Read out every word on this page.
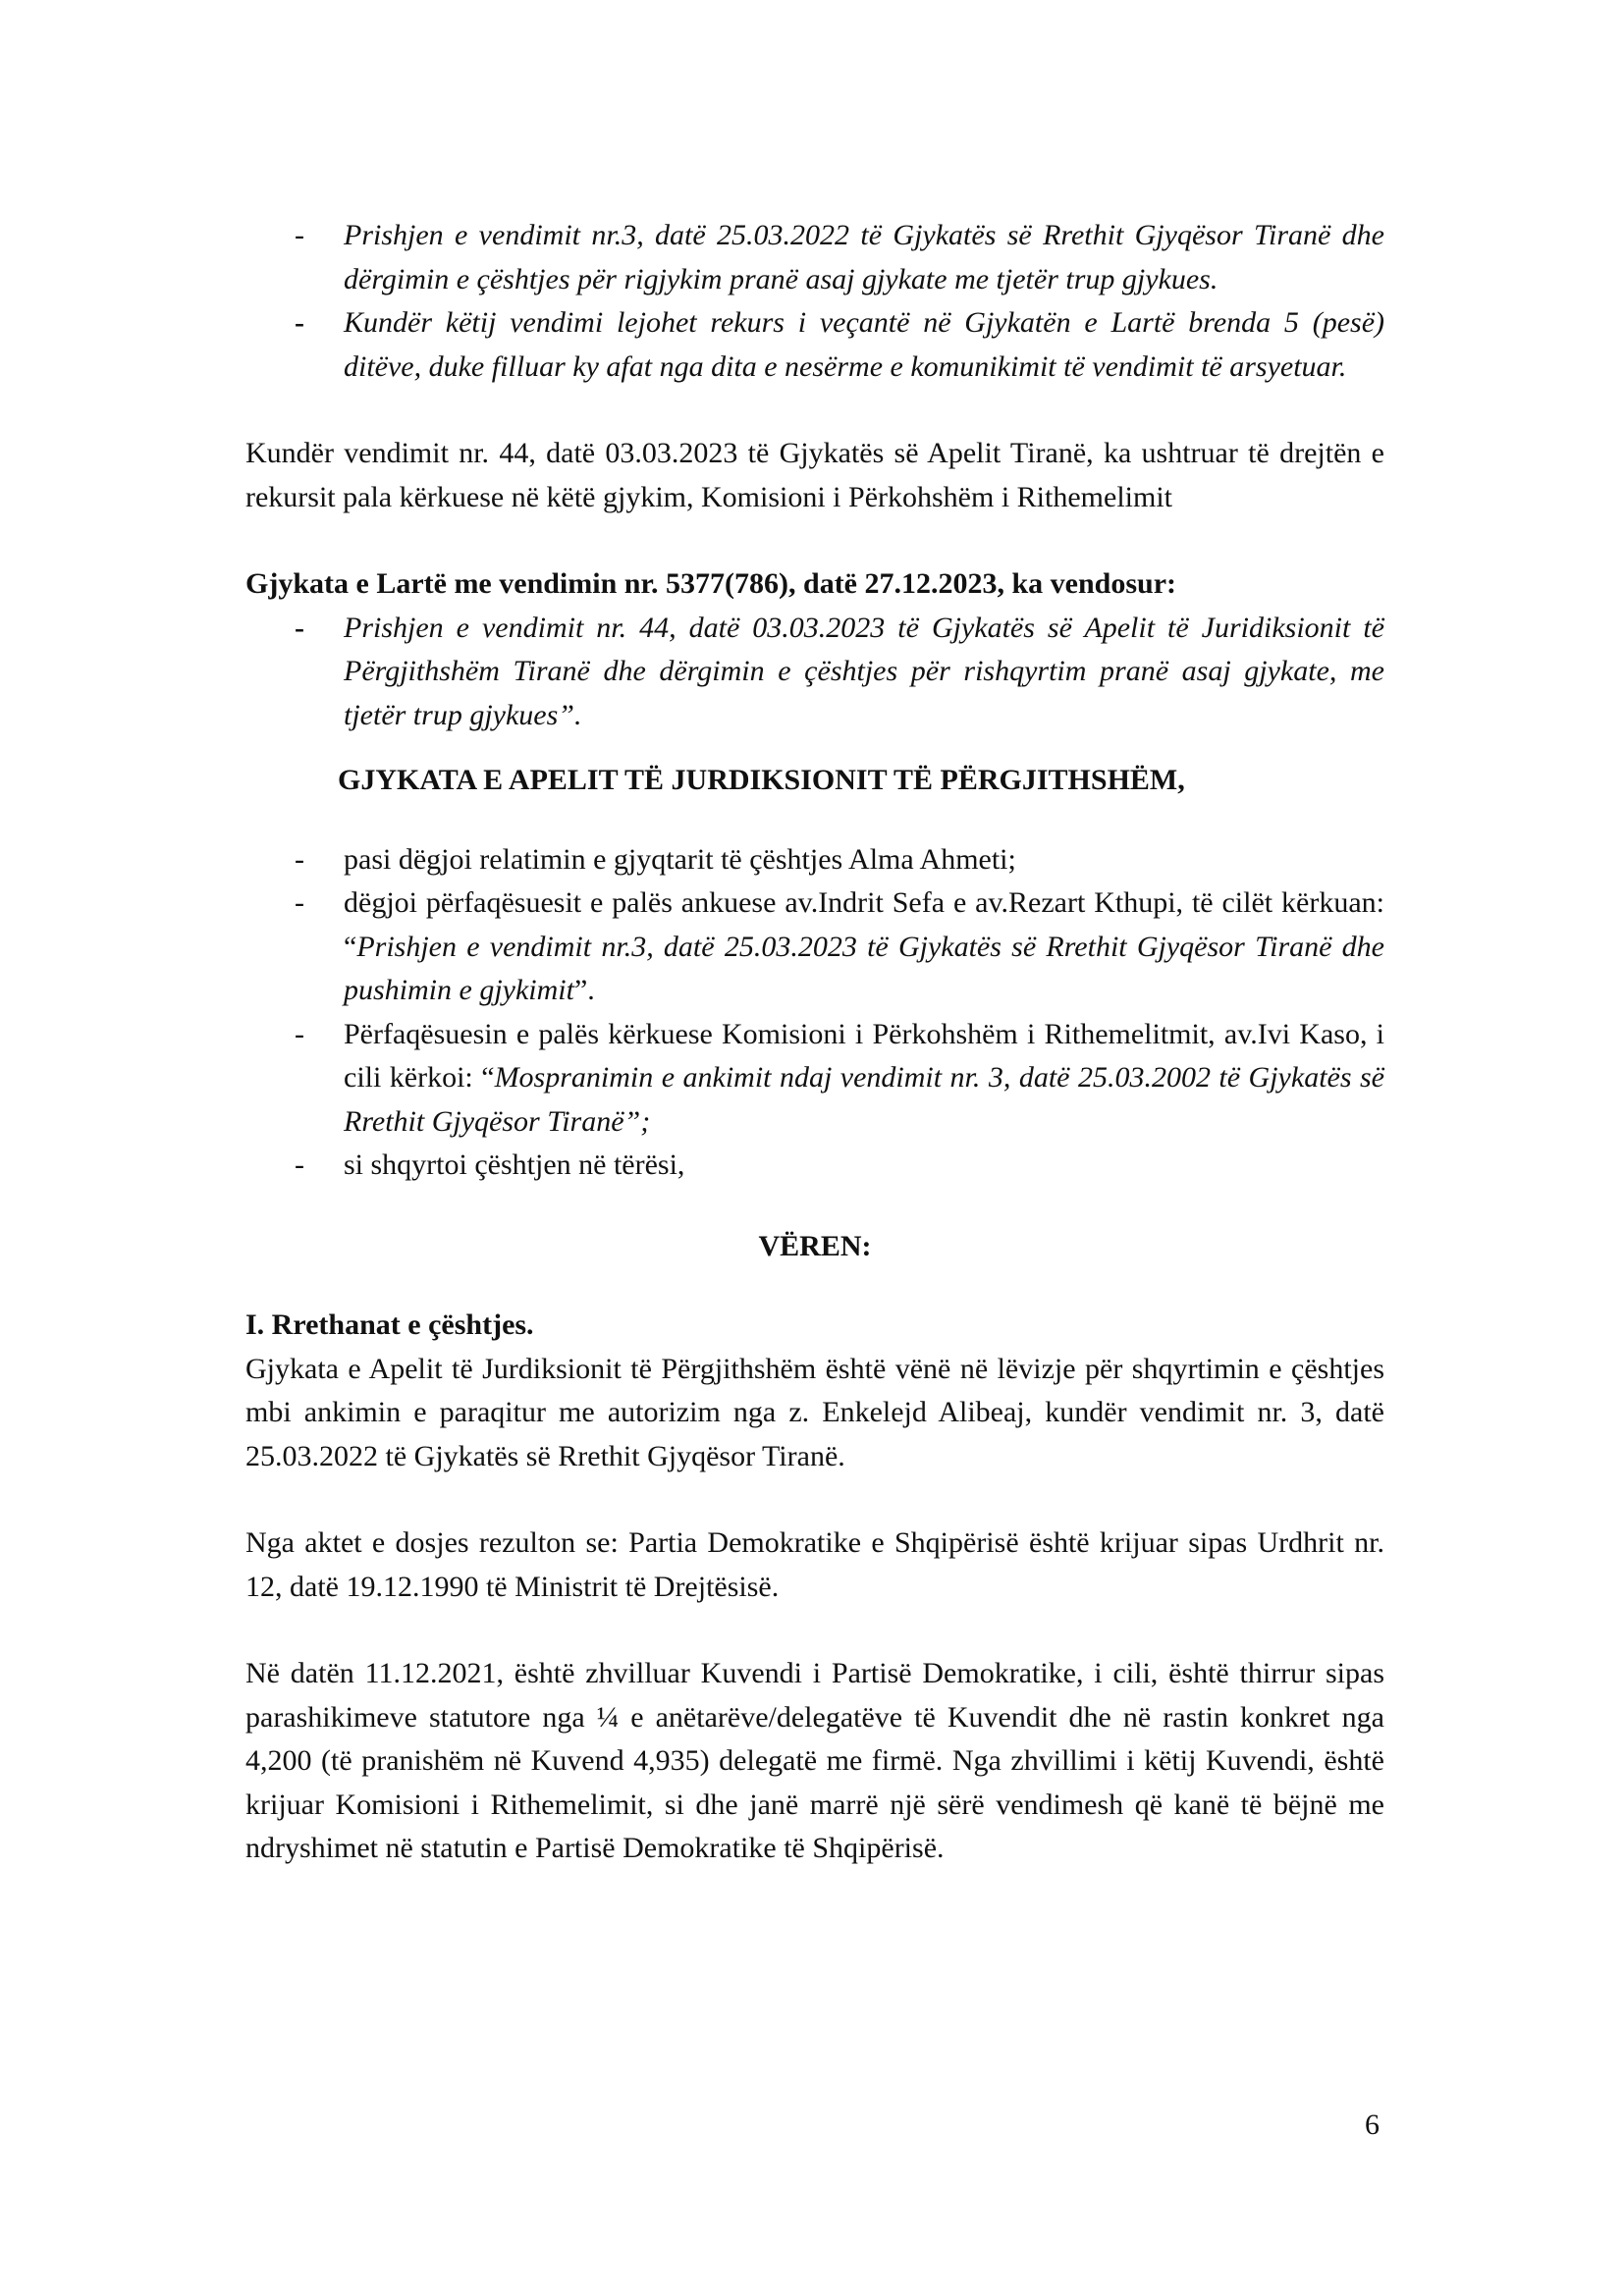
-	Prishjen e vendimit nr.3, datë 25.03.2022 të Gjykatës së Rrethit Gjyqësor Tiranë dhe dërgimin e çështjes për rigjykim pranë asaj gjykate me tjetër trup gjykues.
-	Kundër këtij vendimi lejohet rekurs i veçantë në Gjykatën e Lartë brenda 5 (pesë) ditëve, duke filluar ky afat nga dita e nesërme e komunikimit të vendimit të arsyetuar.

Kundër vendimit nr. 44, datë 03.03.2023 të Gjykatës së Apelit Tiranë, ka ushtruar të drejtën e rekursit pala kërkuese në këtë gjykim, Komisioni i Përkohshëm i Rithemelimit

Gjykata e Lartë me vendimin nr. 5377(786), datë 27.12.2023, ka vendosur:

-	Prishjen e vendimit nr. 44, datë 03.03.2023 të Gjykatës së Apelit të Juridiksionit të Përgjithshëm Tiranë dhe dërgimin e çështjes për rishqyrtim pranë asaj gjykate, me tjetër trup gjykues”.

GJYKATA E APELIT TË JURDIKSIONIT TË PËRGJITHSHËM,

-	pasi dëgjoi relatimin e gjyqtarit të çështjes Alma Ahmeti;
-	dëgjoi përfaqësuesit e palës ankuese av.Indrit Sefa e av.Rezart Kthupi, të cilët kërkuan: “Prishjen e vendimit nr.3, datë 25.03.2023 të Gjykatës së Rrethit Gjyqësor Tiranë dhe pushimin e gjykimit”.
-	Përfaqësuesin e palës kërkuese Komisioni i Përkohshëm i Rithemelitmit, av.Ivi Kaso, i cili kërkoi: “Mospranimin e ankimit ndaj vendimit nr. 3, datë 25.03.2002 të Gjykatës së Rrethit Gjyqësor Tiranë”;
-	si shqyrtoi çështjen në tërësi,

VËREN:

I. Rrethanat e çështjes.

Gjykata e Apelit të Jurdiksionit të Përgjithshëm është vënë në lëvizje për shqyrtimin e çështjes mbi ankimin e paraqitur me autorizim nga z. Enkelejd Alibeaj, kundër vendimit nr. 3, datë 25.03.2022 të Gjykatës së Rrethit Gjyqësor Tiranë.

Nga aktet e dosjes rezulton se: Partia Demokratike e Shqipërisë është krijuar sipas Urdhrit nr. 12, datë 19.12.1990 të Ministrit të Drejtësisë.

Në datën 11.12.2021, është zhvilluar Kuvendi i Partisë Demokratike, i cili, është thirrur sipas parashikimeve statutore nga ¼ e anëtarëve/delegatëve të Kuvendit dhe në rastin konkret nga 4,200 (të pranishëm në Kuvend 4,935) delegatë me firmë. Nga zhvillimi i këtij Kuvendi, është krijuar Komisioni i Rithemelimit, si dhe janë marrë një sërë vendimesh që kanë të bëjnë me ndryshimet në statutin e Partisë Demokratike të Shqipërisë.

6
